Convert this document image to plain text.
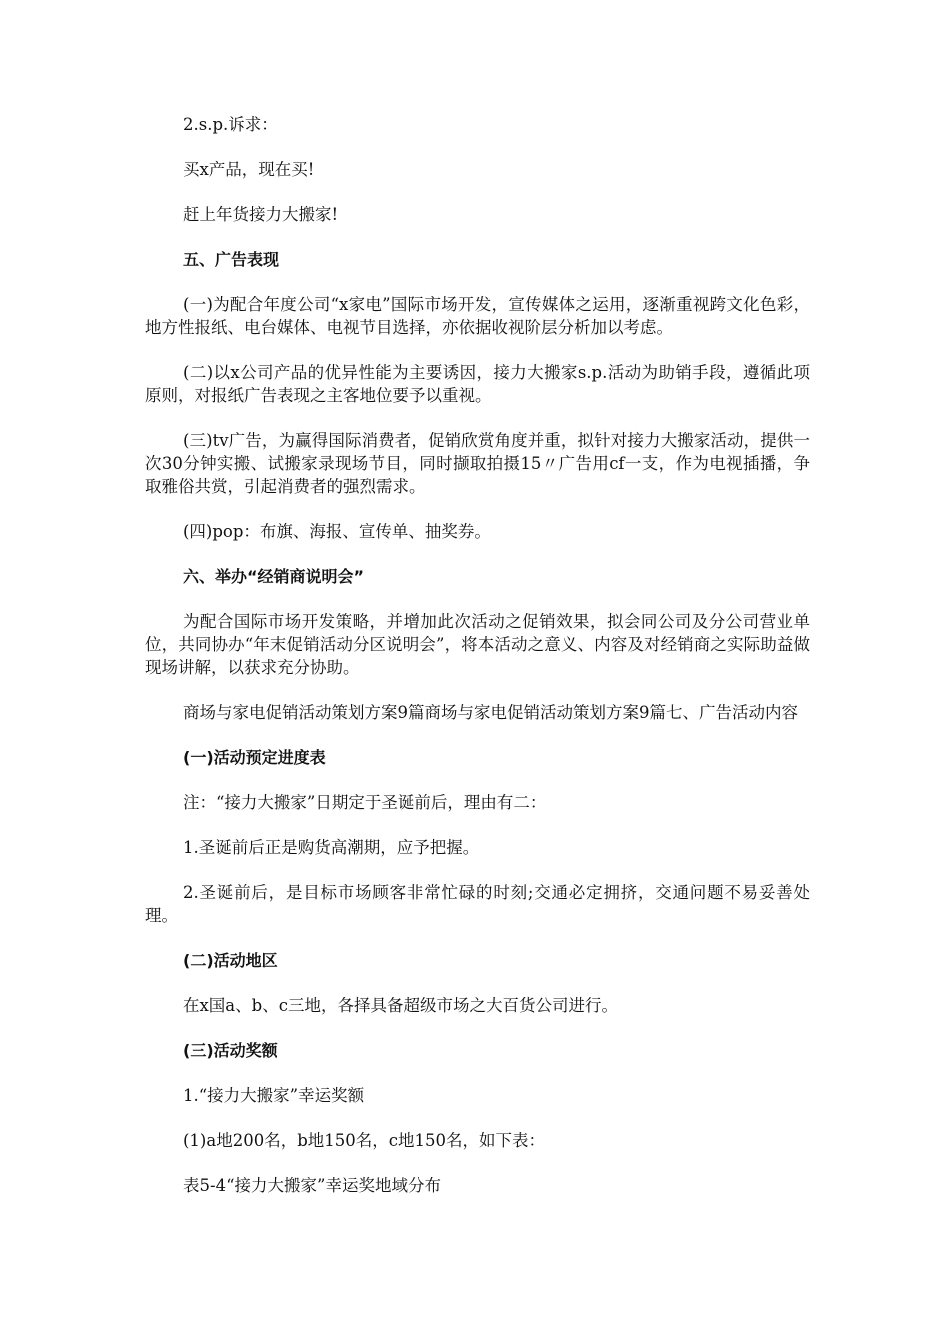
2.s.p.诉求：

买x产品，现在买!

赶上年货接力大搬家!

五、广告表现

(一)为配合年度公司“x家电”国际市场开发，宣传媒体之运用，逐渐重视跨文化色彩，地方性报纸、电台媒体、电视节目选择，亦依据收视阶层分析加以考虑。

(二)以x公司产品的优异性能为主要诱因，接力大搬家s.p.活动为助销手段，遵循此项原则，对报纸广告表现之主客地位要予以重视。

(三)tv广告，为赢得国际消费者，促销欣赏角度并重，拟针对接力大搬家活动，提供一次30分钟实搬、试搬家录现场节目，同时撷取拍摄15〃广告用cf一支，作为电视插播，争取雅俗共赏，引起消费者的强烈需求。

(四)pop：布旗、海报、宣传单、抽奖券。

六、举办“经销商说明会”

为配合国际市场开发策略，并增加此次活动之促销效果，拟会同公司及分公司营业单位，共同协办“年末促销活动分区说明会”，将本活动之意义、内容及对经销商之实际助益做现场讲解，以获求充分协助。

商场与家电促销活动策划方案9篇商场与家电促销活动策划方案9篇七、广告活动内容

(一)活动预定进度表

注：“接力大搬家”日期定于圣诞前后，理由有二：

1.圣诞前后正是购货高潮期，应予把握。

2.圣诞前后，是目标市场顾客非常忙碌的时刻;交通必定拥挤，交通问题不易妥善处理。

(二)活动地区

在x国a、b、c三地，各择具备超级市场之大百货公司进行。

(三)活动奖额

1.“接力大搬家”幸运奖额

(1)a地200名，b地150名，c地150名，如下表：

表5-4“接力大搬家”幸运奖地域分布
